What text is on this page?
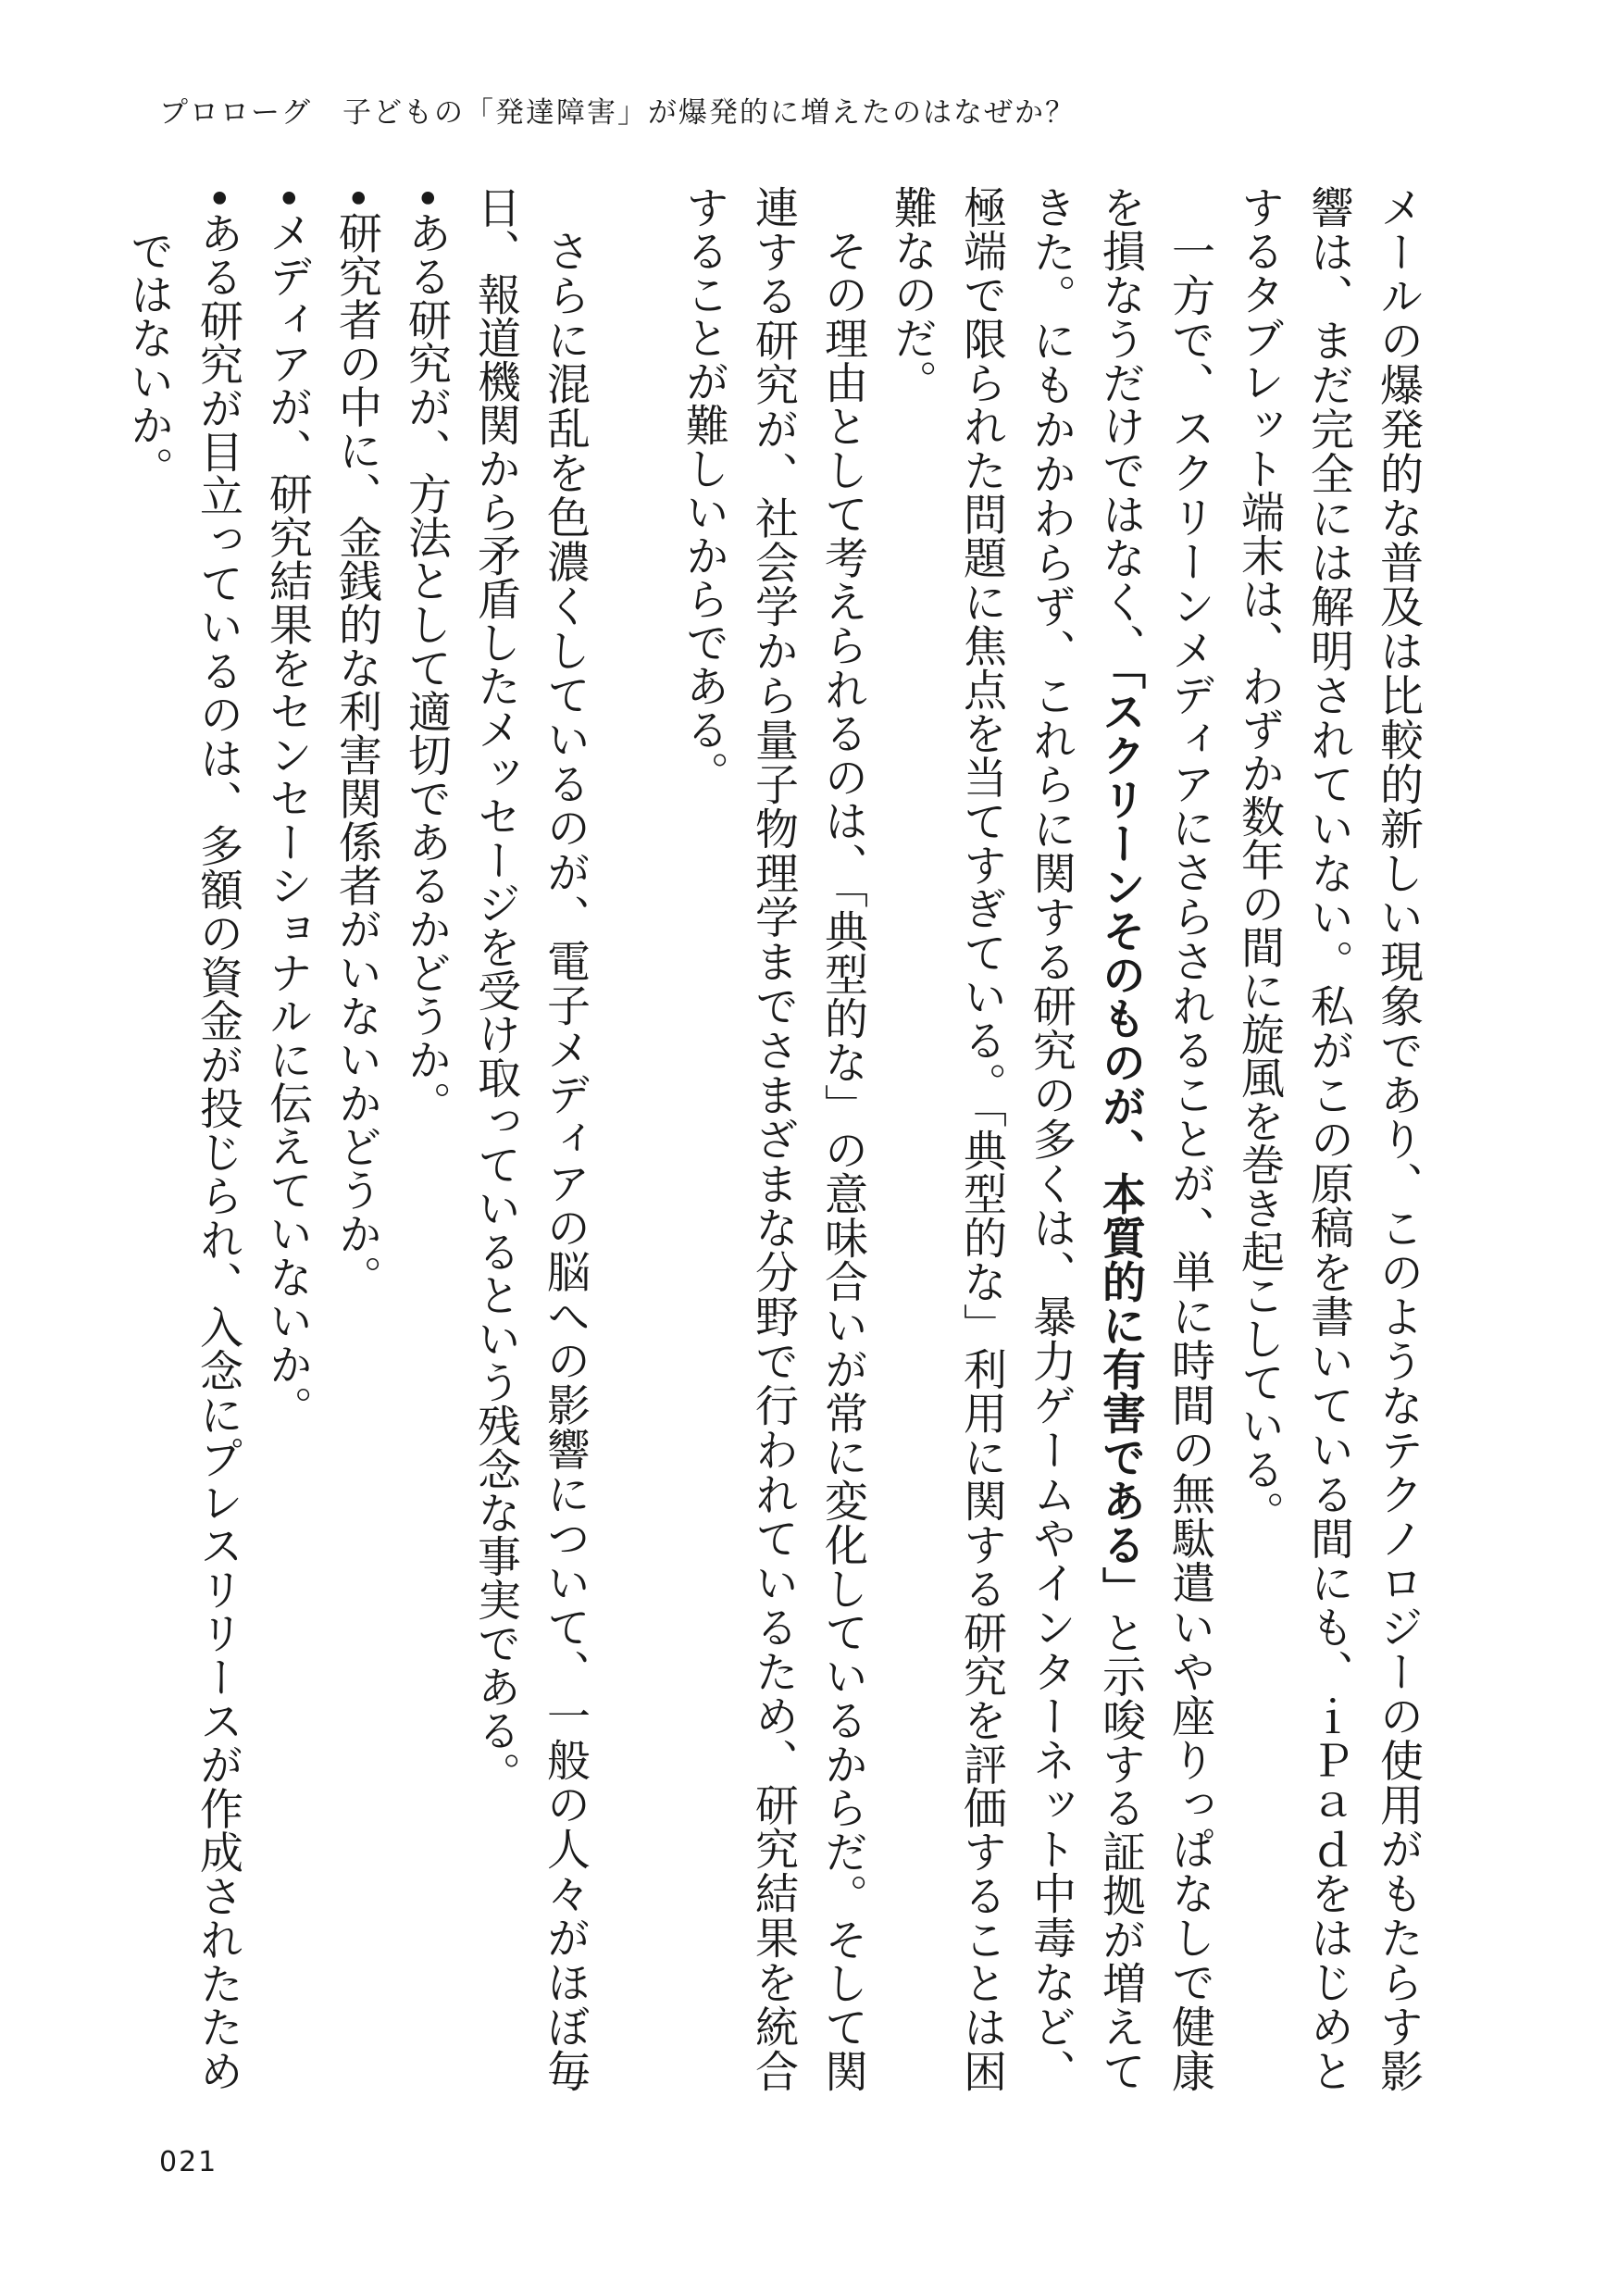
プロローグ　子どもの「発達障害」が爆発的に増えたのはなぜか？

メールの爆発的な普及は比較的新しい現象であり、このようなテクノロジーの使用がもたらす影響は、まだ完全には解明されていない。私がこの原稿を書いている間にも、ｉＰａｄをはじめとするタブレット端末は、わずか数年の間に旋風を巻き起こしている。

一方で、スクリーンメディアにさらされることが、単に時間の無駄遣いや座りっぱなしで健康を損なうだけではなく、「スクリーンそのものが、本質的に有害である」と示唆する証拠が増えてきた。にもかかわらず、これらに関する研究の多くは、暴力ゲームやインターネット中毒など、極端で限られた問題に焦点を当てすぎている。「典型的な」利用に関する研究を評価することは困難なのだ。

その理由として考えられるのは、「典型的な」の意味合いが常に変化しているからだ。そして関連する研究が、社会学から量子物理学までさまざまな分野で行われているため、研究結果を統合することが難しいからである。

さらに混乱を色濃くしているのが、電子メディアの脳への影響について、一般の人々がほぼ毎日、報道機関から矛盾したメッセージを受け取っているという残念な事実である。

•ある研究が、方法として適切であるかどうか。
•研究者の中に、金銭的な利害関係者がいないかどうか。
•メディアが、研究結果をセンセーショナルに伝えていないか。
•ある研究が目立っているのは、多額の資金が投じられ、入念にプレスリリースが作成されたためではないか。
021
